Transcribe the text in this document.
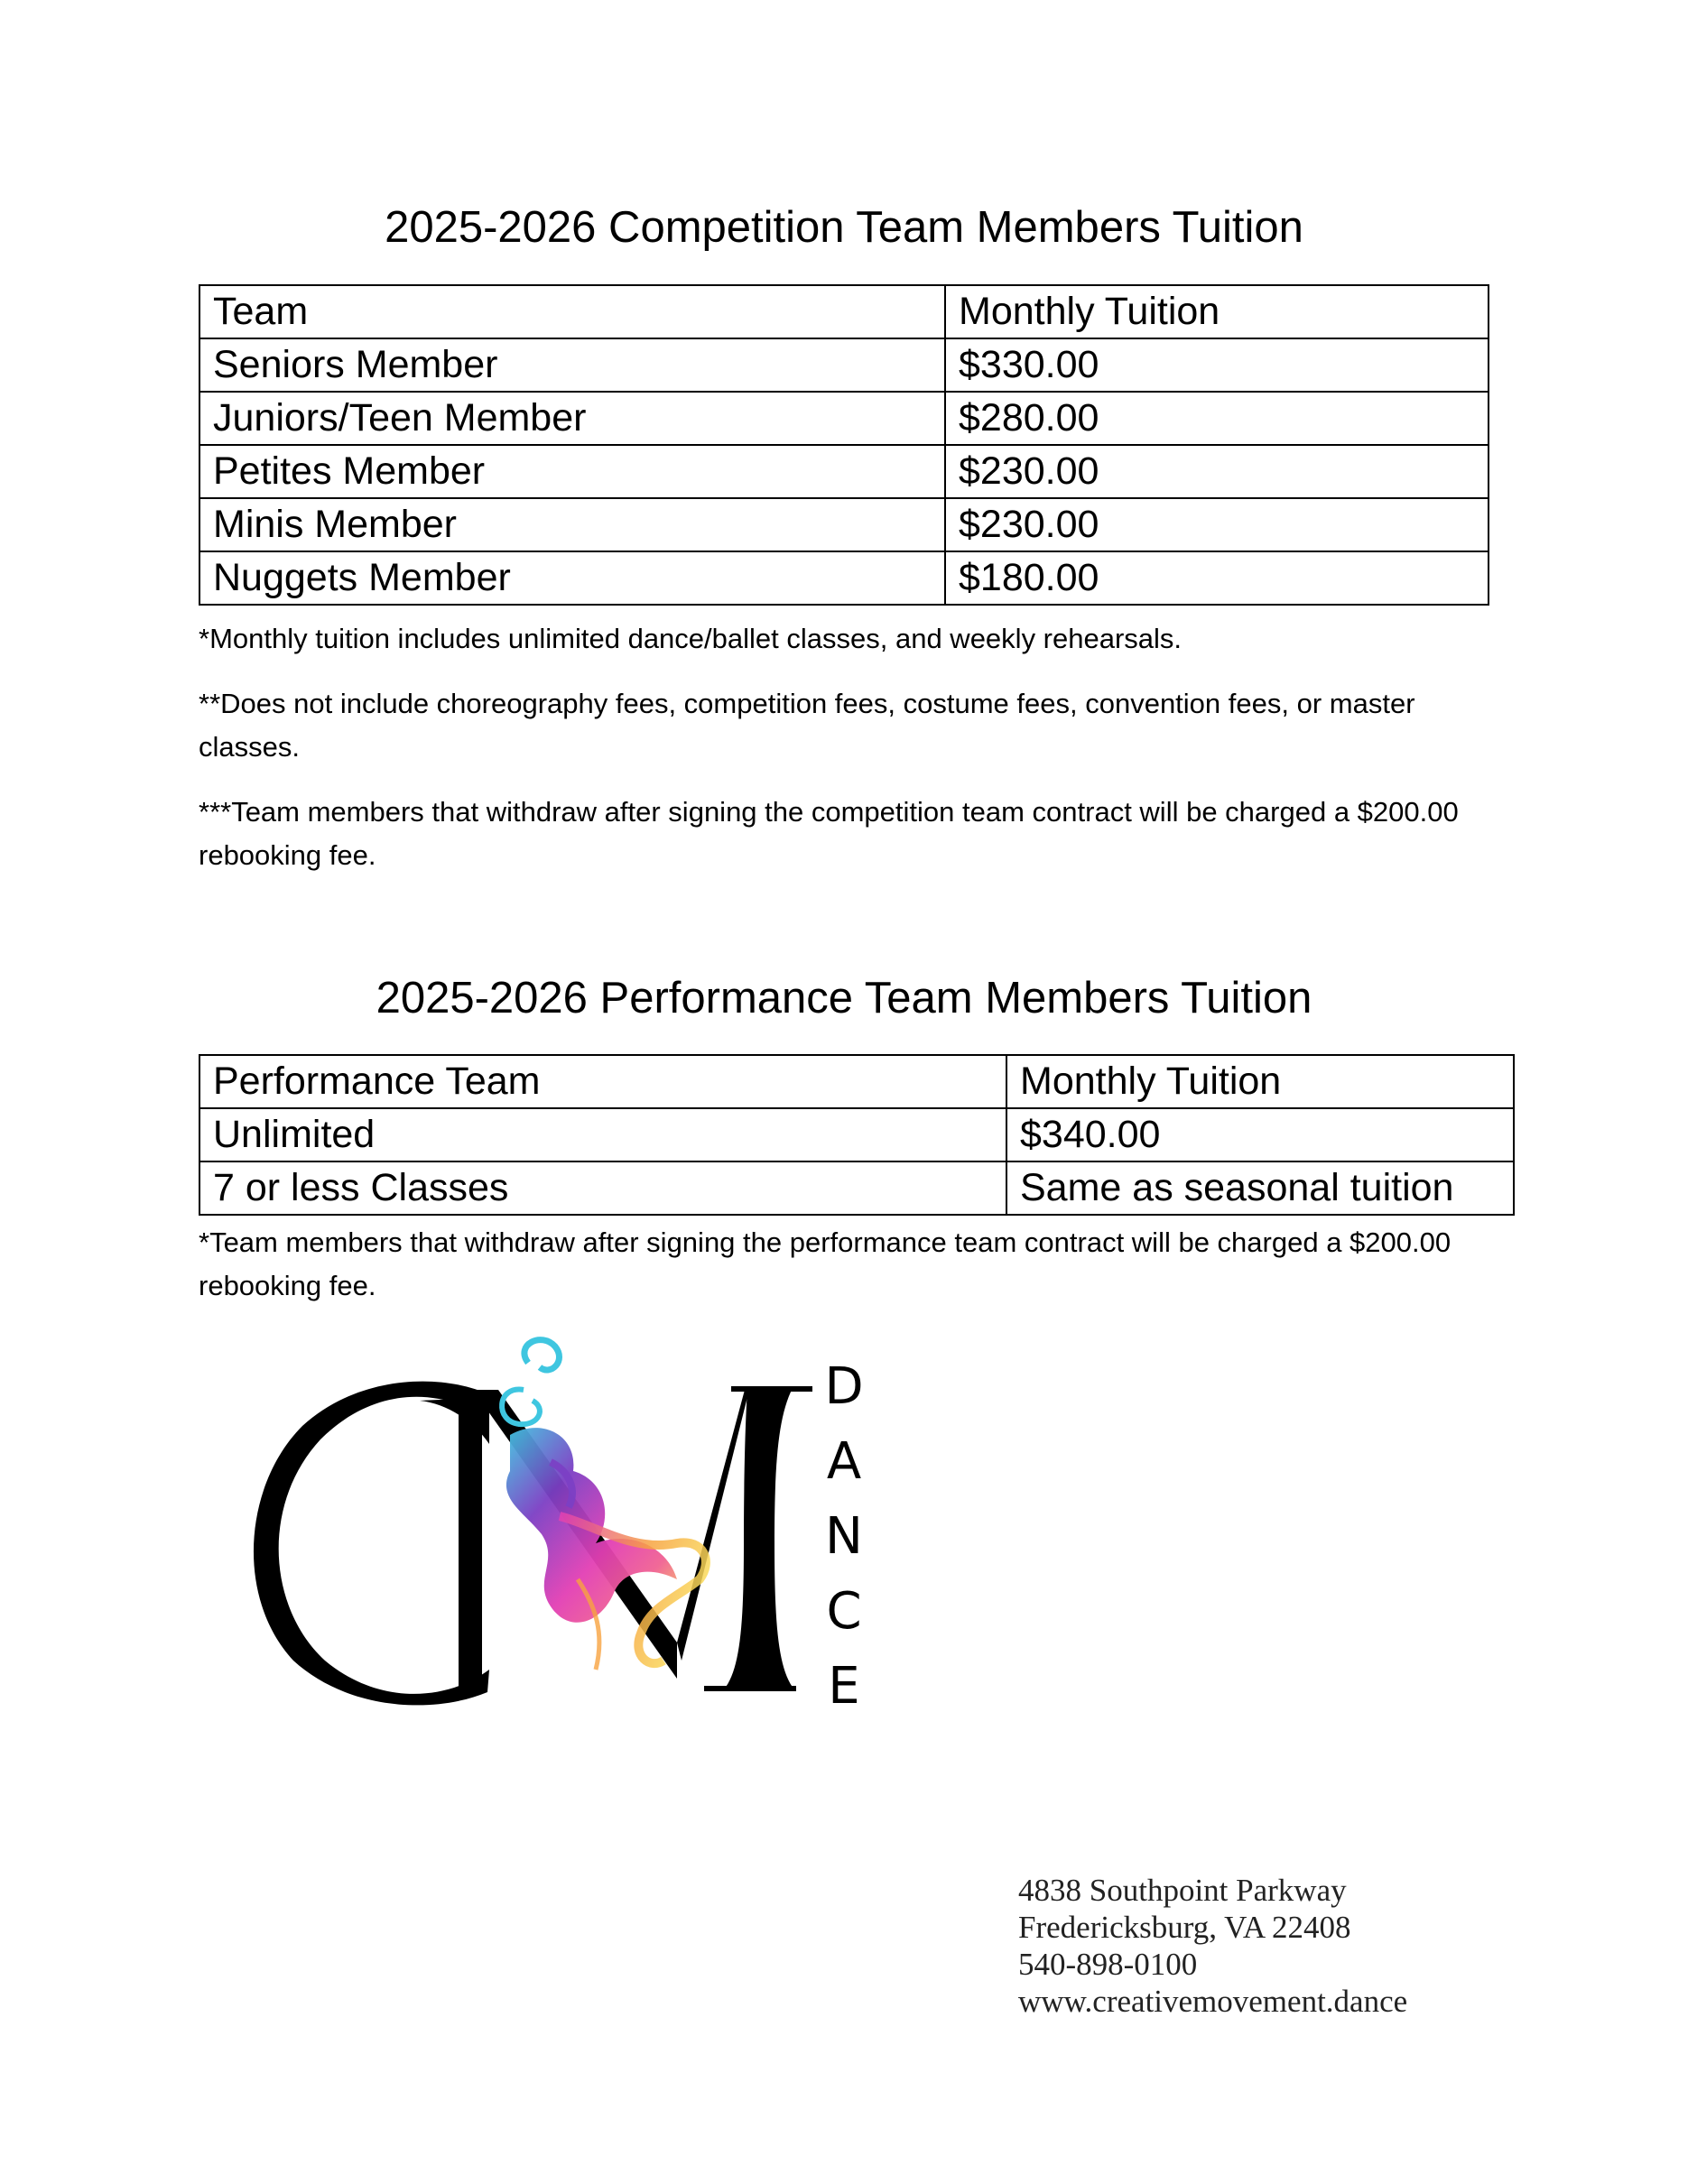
2025-2026 Competition Team Members Tuition
Team	Monthly Tuition
Seniors Member	$330.00
Juniors/Teen Member	$280.00
Petites Member	$230.00
Minis Member	$230.00
Nuggets Member	$180.00

*Monthly tuition includes unlimited dance/ballet classes, and weekly rehearsals.

**Does not include choreography fees, competition fees, costume fees, convention fees, or master classes.

***Team members that withdraw after signing the competition team contract will be charged a $200.00 rebooking fee.

2025-2026 Performance Team Members Tuition
Performance Team	Monthly Tuition
Unlimited	$340.00
7 or less Classes	Same as seasonal tuition

*Team members that withdraw after signing the performance team contract will be charged a $200.00 rebooking fee.

D
A
N
C
E
4838 Southpoint Parkway
Fredericksburg, VA 22408
540-898-0100
www.creativemovement.dance
